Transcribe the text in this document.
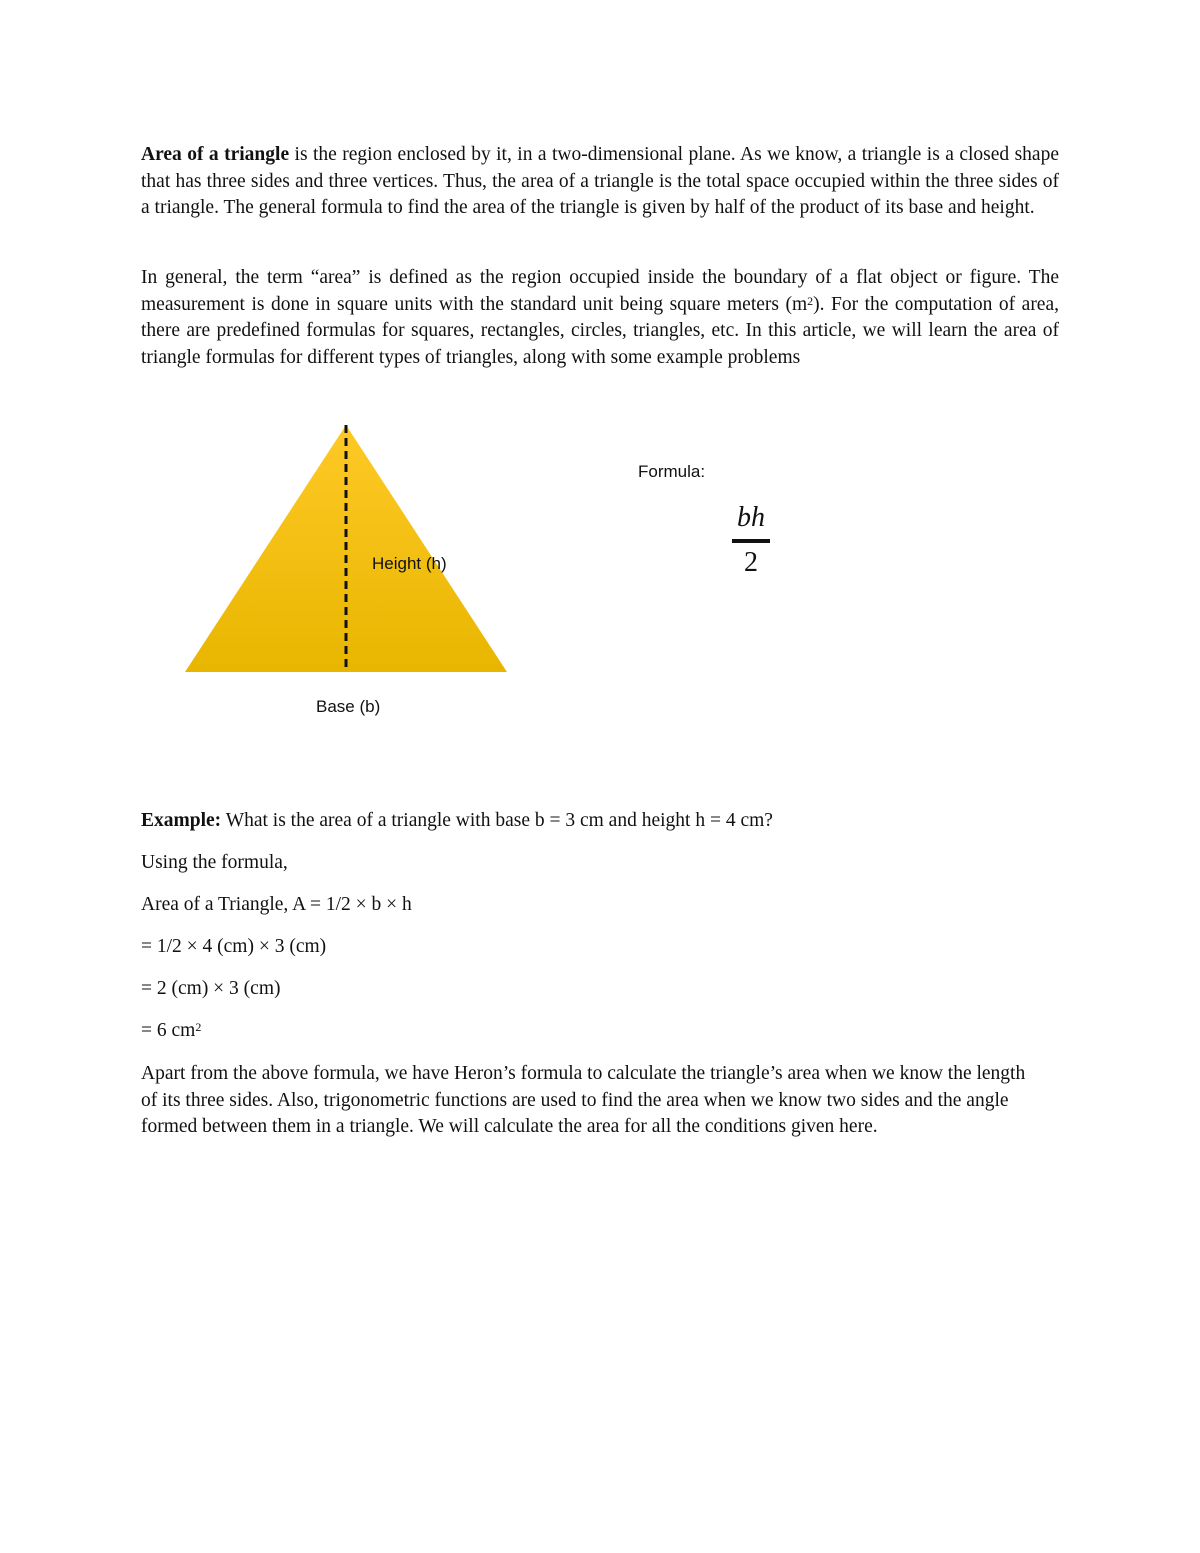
Area of a triangle is the region enclosed by it, in a two-dimensional plane. As we know, a triangle is a closed shape that has three sides and three vertices. Thus, the area of a triangle is the total space occupied within the three sides of a triangle. The general formula to find the area of the triangle is given by half of the product of its base and height.

In general, the term “area” is defined as the region occupied inside the boundary of a flat object or figure. The measurement is done in square units with the standard unit being square meters $(m^2)$. For the computation of area, there are predefined formulas for squares, rectangles, circles, triangles, etc. In this article, we will learn the area of triangle formulas for different types of triangles, along with some example problems

Height (h)
Base (b)
Formula:
bh
2
Example: What is the area of a triangle with base b = 3 cm and height h = 4 cm?
Using the formula,
Area of a Triangle, A = 1/2 × b × h
= 1/2 × 4 (cm) × 3 (cm)
= 2 (cm) × 3 (cm)
= 6 $cm^2$

Apart from the above formula, we have Heron’s formula to calculate the triangle’s area when we know the length of its three sides. Also, trigonometric functions are used to find the area when we know two sides and the angle formed between them in a triangle. We will calculate the area for all the conditions given here.
